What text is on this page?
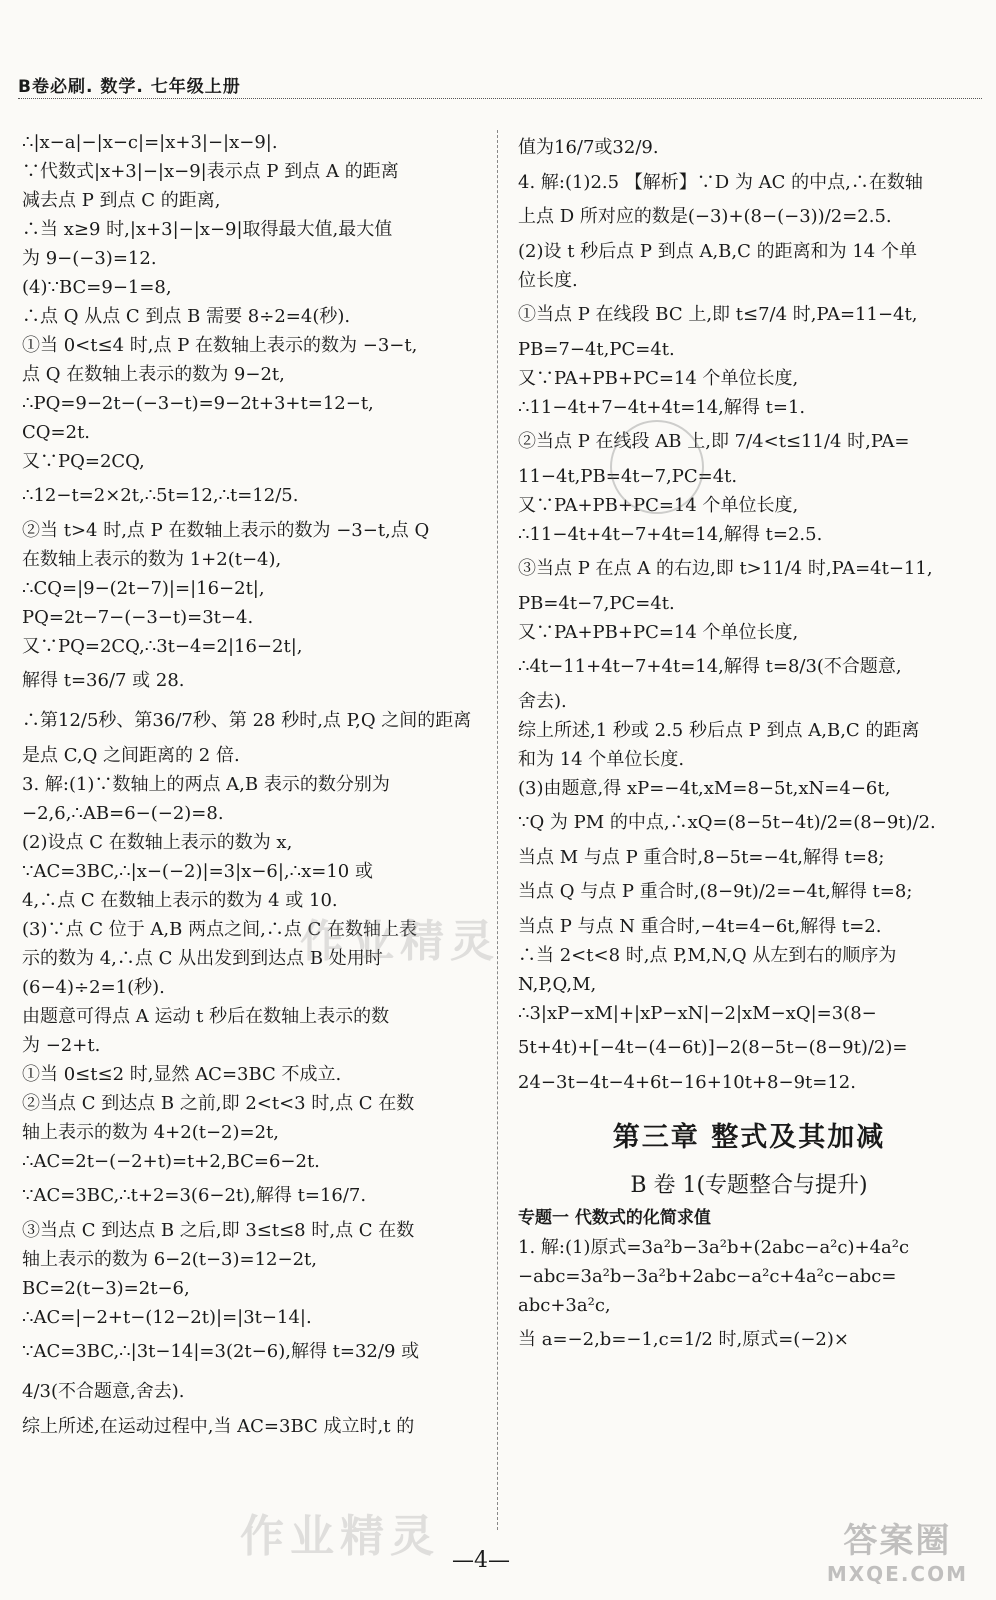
B卷必刷. 数学. 七年级上册

∴|x−a|−|x−c|=|x+3|−|x−9|.

∵代数式|x+3|−|x−9|表示点 P 到点 A 的距离

减去点 P 到点 C 的距离,

∴当 x≥9 时,|x+3|−|x−9|取得最大值,最大值

为 9−(−3)=12.

(4)∵BC=9−1=8,

∴点 Q 从点 C 到点 B 需要 8÷2=4(秒).

①当 0<t≤4 时,点 P 在数轴上表示的数为 −3−t,

点 Q 在数轴上表示的数为 9−2t,

∴PQ=9−2t−(−3−t)=9−2t+3+t=12−t,

CQ=2t.

又∵PQ=2CQ,

∴12−t=2×2t,∴5t=12,∴t=12/5.

②当 t>4 时,点 P 在数轴上表示的数为 −3−t,点 Q

在数轴上表示的数为 1+2(t−4),

∴CQ=|9−(2t−7)|=|16−2t|,

PQ=2t−7−(−3−t)=3t−4.

又∵PQ=2CQ,∴3t−4=2|16−2t|,

解得 t=36/7 或 28.

∴第12/5秒、第36/7秒、第 28 秒时,点 P,Q 之间的距离

是点 C,Q 之间距离的 2 倍.

3. 解:(1)∵数轴上的两点 A,B 表示的数分别为

−2,6,∴AB=6−(−2)=8.

(2)设点 C 在数轴上表示的数为 x,

∵AC=3BC,∴|x−(−2)|=3|x−6|,∴x=10 或

4,∴点 C 在数轴上表示的数为 4 或 10.

(3)∵点 C 位于 A,B 两点之间,∴点 C 在数轴上表

示的数为 4,∴点 C 从出发到到达点 B 处用时

(6−4)÷2=1(秒).

由题意可得点 A 运动 t 秒后在数轴上表示的数

为 −2+t.

①当 0≤t≤2 时,显然 AC=3BC 不成立.

②当点 C 到达点 B 之前,即 2<t<3 时,点 C 在数

轴上表示的数为 4+2(t−2)=2t,

∴AC=2t−(−2+t)=t+2,BC=6−2t.

∵AC=3BC,∴t+2=3(6−2t),解得 t=16/7.

③当点 C 到达点 B 之后,即 3≤t≤8 时,点 C 在数

轴上表示的数为 6−2(t−3)=12−2t,

BC=2(t−3)=2t−6,

∴AC=|−2+t−(12−2t)|=|3t−14|.

∵AC=3BC,∴|3t−14|=3(2t−6),解得 t=32/9 或

4/3(不合题意,舍去).

综上所述,在运动过程中,当 AC=3BC 成立时,t 的

值为16/7或32/9.

4. 解:(1)2.5 【解析】∵D 为 AC 的中点,∴在数轴

上点 D 所对应的数是(−3)+(8−(−3))/2=2.5.

(2)设 t 秒后点 P 到点 A,B,C 的距离和为 14 个单

位长度.

①当点 P 在线段 BC 上,即 t≤7/4 时,PA=11−4t,

PB=7−4t,PC=4t.

又∵PA+PB+PC=14 个单位长度,

∴11−4t+7−4t+4t=14,解得 t=1.

②当点 P 在线段 AB 上,即 7/4<t≤11/4 时,PA=

11−4t,PB=4t−7,PC=4t.

又∵PA+PB+PC=14 个单位长度,

∴11−4t+4t−7+4t=14,解得 t=2.5.

③当点 P 在点 A 的右边,即 t>11/4 时,PA=4t−11,

PB=4t−7,PC=4t.

又∵PA+PB+PC=14 个单位长度,

∴4t−11+4t−7+4t=14,解得 t=8/3(不合题意,

舍去).

综上所述,1 秒或 2.5 秒后点 P 到点 A,B,C 的距离

和为 14 个单位长度.

(3)由题意,得 xP=−4t,xM=8−5t,xN=4−6t,

∵Q 为 PM 的中点,∴xQ=(8−5t−4t)/2=(8−9t)/2.

当点 M 与点 P 重合时,8−5t=−4t,解得 t=8;

当点 Q 与点 P 重合时,(8−9t)/2=−4t,解得 t=8;

当点 P 与点 N 重合时,−4t=4−6t,解得 t=2.

∴当 2<t<8 时,点 P,M,N,Q 从左到右的顺序为

N,P,Q,M,

∴3|xP−xM|+|xP−xN|−2|xM−xQ|=3(8−

5t+4t)+[−4t−(4−6t)]−2(8−5t−(8−9t)/2)=

24−3t−4t−4+6t−16+10t+8−9t=12.

第三章 整式及其加减
B 卷 1(专题整合与提升)
专题一 代数式的化简求值

1. 解:(1)原式=3a²b−3a²b+(2abc−a²c)+4a²c

−abc=3a²b−3a²b+2abc−a²c+4a²c−abc=

abc+3a²c,

当 a=−2,b=−1,c=1/2 时,原式=(−2)×

作业精灵
作业精灵 —4—	答案圈
MXQE.COM
